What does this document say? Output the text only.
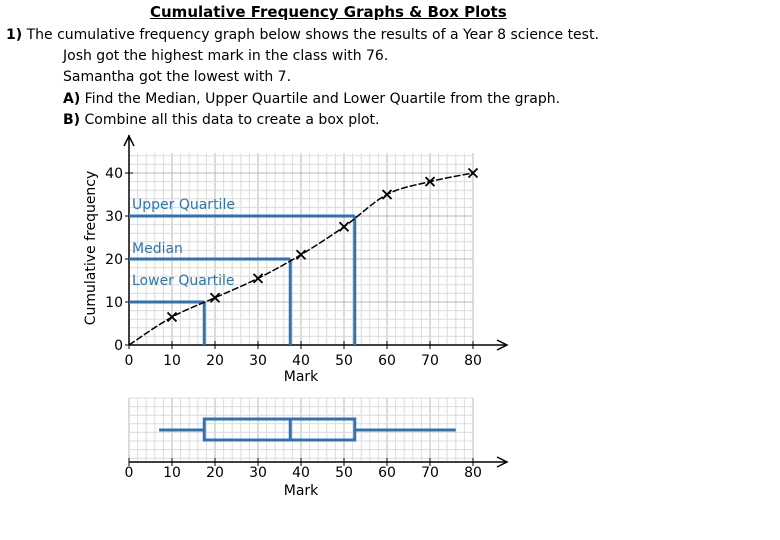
Cumulative Frequency Graphs & Box Plots
1) The cumulative frequency graph below shows the results of a Year 8 science test.
Josh got the highest mark in the class with 76.
Samantha got the lowest with 7.
A) Find the Median, Upper Quartile and Lower Quartile from the graph.
B) Combine all this data to create a box plot.
0 10 20 30 40 50 60 70 80
0
10
20
30
40
Mark
Cumulative frequency Upper Quartile
Median
Lower Quartile
0 10 20 30 40 50 60 70 80
Mark
